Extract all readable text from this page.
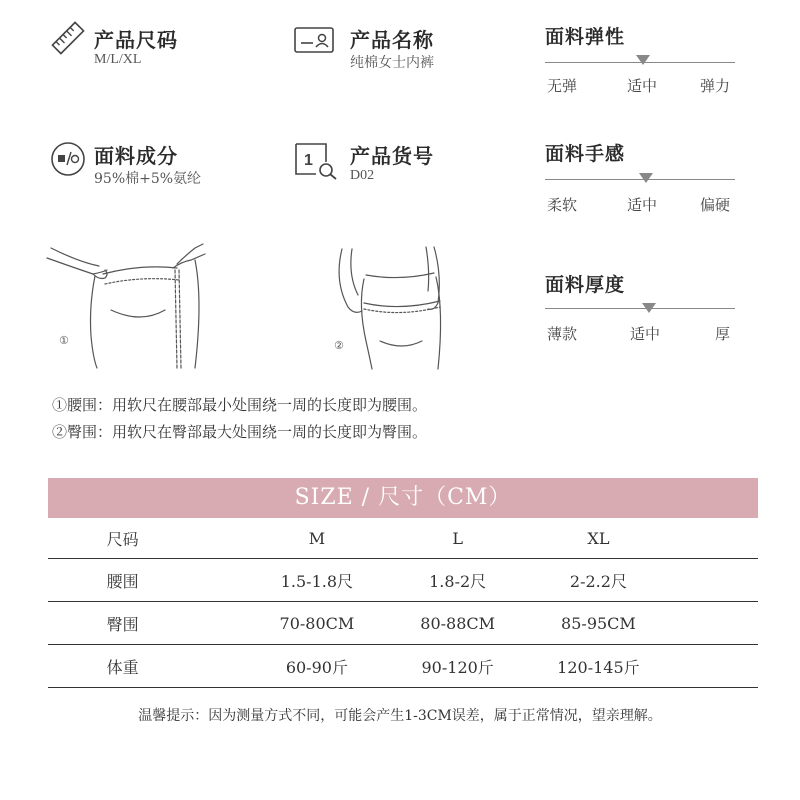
产品尺码
M/L/XL
产品名称
纯棉女士内裤
面料成分
95%棉+5%氨纶
1 产品货号
D02
面料弹性
无弹	适中	弹力
面料手感
柔软	适中	偏硬
面料厚度
薄款	适中	厚
①	②
①腰围：用软尺在腰部最小处围绕一周的长度即为腰围。
②臀围：用软尺在臀部最大处围绕一周的长度即为臀围。
SIZE / 尺寸（CM）
尺码	M	L	XL
腰围	1.5-1.8尺	1.8-2尺	2-2.2尺
臀围	70-80CM	80-88CM	85-95CM
体重	60-90斤	90-120斤	120-145斤
温馨提示：因为测量方式不同，可能会产生1-3CM误差，属于正常情况，望亲理解。
